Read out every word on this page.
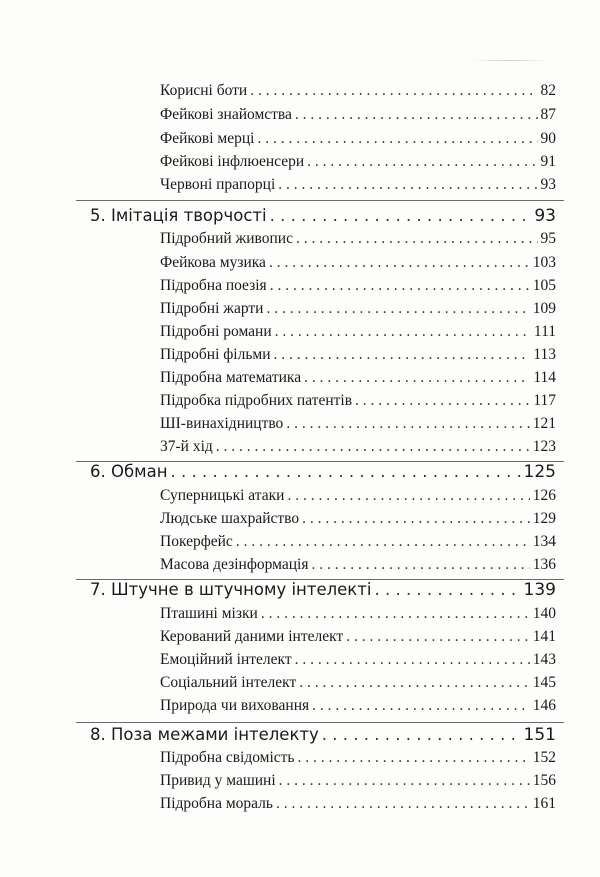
Корисні боти . . .	82
Фейкові знайомства . . .	87
Фейкові мерці . . .	90
Фейкові інфлюенсери . . .	91
Червоні прапорці . . .	93
5. Імітація творчості . . .	93
Підробний живопис . . .	95
Фейкова музика . . .	103
Підробна поезія . . .	105
Підробні жарти . . .	109
Підробні романи . . .	111
Підробні фільми . . .	113
Підробна математика . . .	114
Підробка підробних патентів . . .	117
ШІ-винахідництво . . .	121
37-й хід . . .	123
6. Обман . . .	125
Суперницькі атаки . . .	126
Людське шахрайство . . .	129
Покерфейс . . .	134
Масова дезінформація . . .	136
7. Штучне в штучному інтелекті . . .	139
Пташині мізки . . .	140
Керований даними інтелект . . .	141
Емоційний інтелект . . .	143
Соціальний інтелект . . .	145
Природа чи виховання . . .	146
8. Поза межами інтелекту . . .	151
Підробна свідомість . . .	152
Привид у машині . . .	156
Підробна мораль . . .	161
